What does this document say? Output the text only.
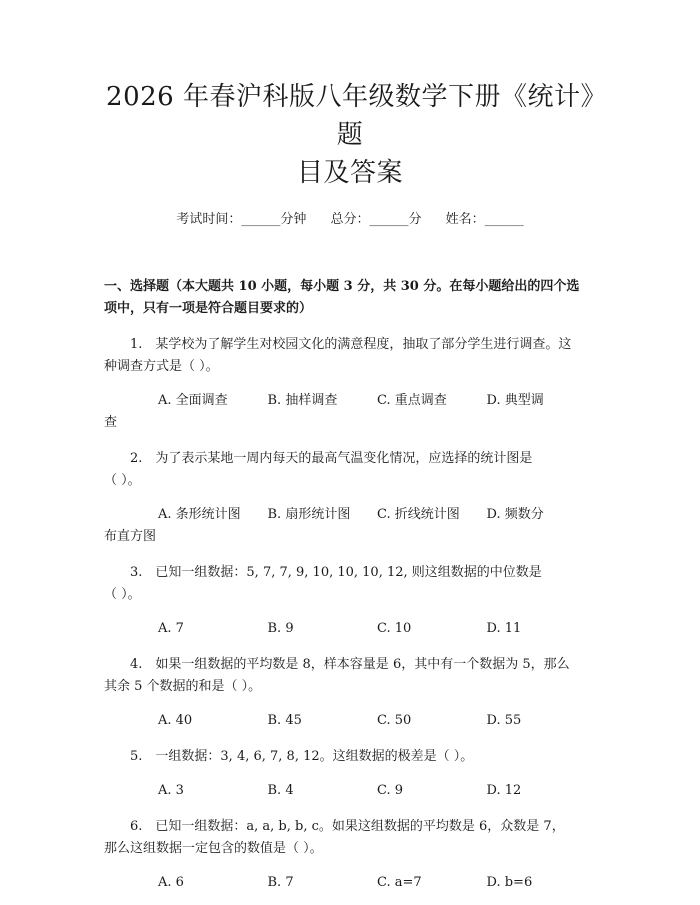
2026 年春沪科版八年级数学下册《统计》题
目及答案
考试时间：______分钟 总分：______分 姓名：______
一、选择题（本大题共 10 小题，每小题 3 分，共 30 分。在每小题给出的四个选
项中，只有一项是符合题目要求的）
1.　某学校为了解学生对校园文化的满意程度，抽取了部分学生进行调查。这
种调查方式是（ ）。
A. 全面调查	B. 抽样调查	C. 重点调查	D. 典型调
查
2.　为了表示某地一周内每天的最高气温变化情况，应选择的统计图是
（ ）。
A. 条形统计图	B. 扇形统计图	C. 折线统计图	D. 频数分
布直方图
3.　已知一组数据：5, 7, 7, 9, 10, 10, 10, 12, 则这组数据的中位数是
（ ）。
A. 7	B. 9	C. 10	D. 11
4.　如果一组数据的平均数是 8，样本容量是 6，其中有一个数据为 5，那么
其余 5 个数据的和是（ ）。
A. 40	B. 45	C. 50	D. 55
5.　一组数据：3, 4, 6, 7, 8, 12。这组数据的极差是（ ）。
A. 3	B. 4	C. 9	D. 12
6.　已知一组数据：a, a, b, b, c。如果这组数据的平均数是 6，众数是 7，
那么这组数据一定包含的数值是（ ）。
A. 6	B. 7	C. a=7	D. b=6
